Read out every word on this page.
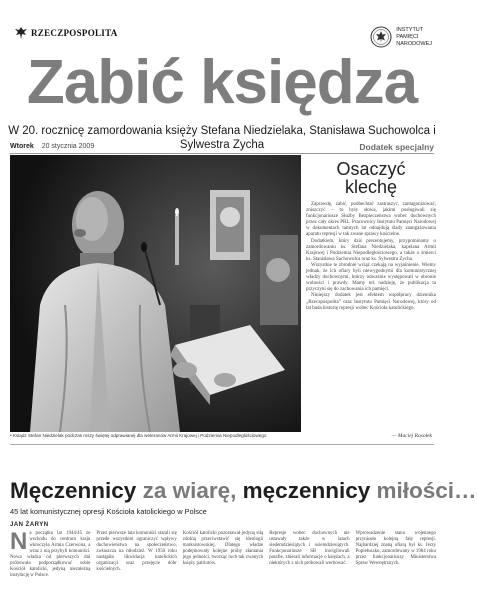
RZECZPOSPOLITA	INSTYTUT
PAMIĘCI
NARODOWEJ
Zabić księdza
W 20. rocznicę zamordowania księży Stefana Niedzielaka, Stanisława Suchowolca i Sylwestra Zycha
Wtorek 20 stycznia 2009	Dodatek specjalny
• Ksiądz Stefan Niedzielak podczas mszy świętej odprawianej dla weteranów Armii Krajowej i Podziemia Niepodległościowego
Osaczyć
klechę

Zaprawdę, zabić, podbechtać zastraszyć, zantagonizować, zniszczyć – to były słowa, jakimi posługiwali się funkcjonariusze Służby Bezpieczeństwa wobec duchownych przez cały okres PRL. Pracownicy Instytutu Pamięci Narodowej w dokumentach tamtych lat odnajdują ślady zaangażowania aparatu represji w tak zwane sprawy kościelne.

Dodatkiem, który dziś prezentujemy, przypominamy o zamordowaniu ks. Stefana Niedzielaka, kapelana Armii Krajowej i Podziemia Niepodległościowego, a także o śmierci ks. Stanisława Suchowolca oraz ks. Sylwestra Zycha.

Wszystkie te zbrodnie wciąż czekają na wyjaśnienie. Wiemy jednak, że ich ofiary byli niewygodnymi dla komunistycznej władzy duchownymi, którzy odważnie występowali w obronie wolności i prawdy. Mamy też nadzieję, że publikacja ta przyczyni się do zachowania ich pamięci.

Niniejszy dodatek jest efektem współpracy dziennika „Rzeczpospolita” oraz Instytutu Pamięci Narodowej, który od lat bada historię represji wobec Kościoła katolickiego.

— Maciej Rosołek
Męczennicy za wiarę, męczennicy miłości…
45 lat komunistycznej opresji Kościoła katolickiego w Polsce
JAN ŻARYN
N a początku lat 1944/45 ze wschodu do centrum kraju wkroczyła Armia Czerwona, a wraz z nią przybyli komuniści. Nowa władza od pierwszych dni próbowała podporządkować sobie Kościół katolicki, jedyną niezależną instytucję w Polsce.
Przez pierwsze lata komuniści starali się przede wszystkim ograniczyć wpływy duchowieństwa na społeczeństwo, zwłaszcza na młodzież. W 1950 roku nastąpiła likwidacja katolickich organizacji oraz przejęcie dóbr kościelnych.
Kościół katolicki pozostawał jedyną siłą zdolną przeciwstawić się ideologii marksistowskiej. Dlatego władze podejmowały kolejne próby złamania jego jedności, tworząc ruch tak zwanych księży patriotów.
Represje wobec duchownych nie ustawały także w latach siedemdziesiątych i osiemdziesiątych. Funkcjonariusze SB inwigilowali parafie, zbierali informacje o księżach, a niektórych z nich próbowali werbować.
Wprowadzenie stanu wojennego przyniosło kolejną falę represji. Najbardziej znaną ofiarą był ks. Jerzy Popiełuszko, zamordowany w 1984 roku przez funkcjonariuszy Ministerstwa Spraw Wewnętrznych.
